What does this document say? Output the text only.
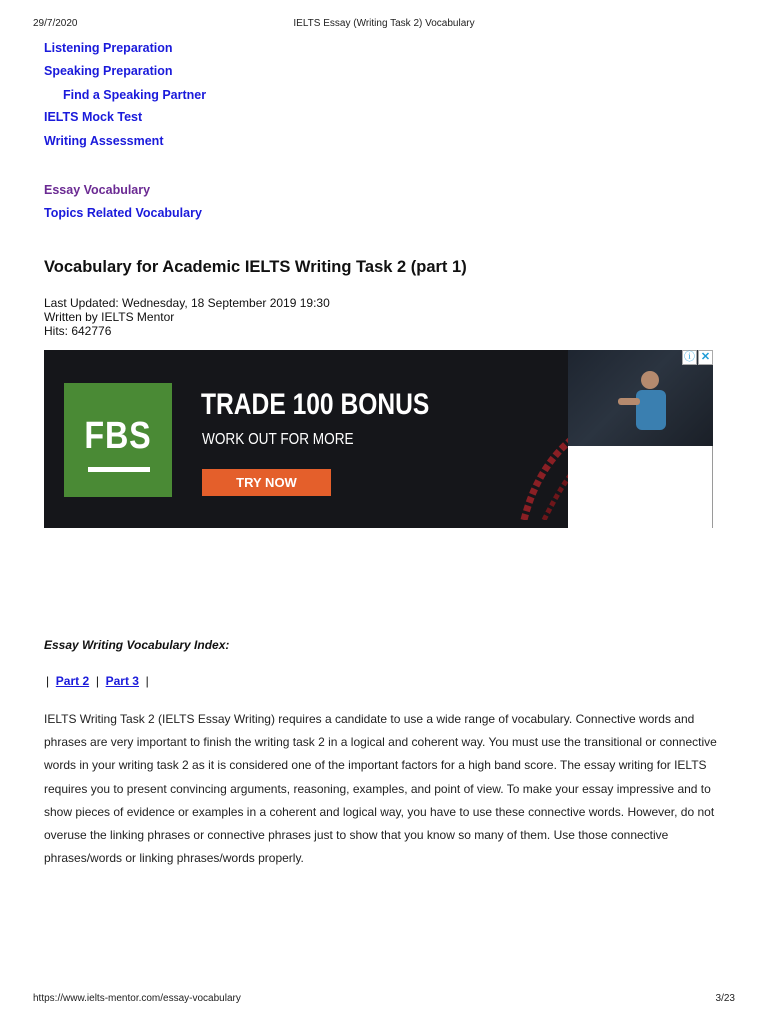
29/7/2020	IELTS Essay (Writing Task 2) Vocabulary
Listening Preparation
Speaking Preparation
Find a Speaking Partner
IELTS Mock Test
Writing Assessment
Essay Vocabulary
Topics Related Vocabulary
Vocabulary for Academic IELTS Writing Task 2 (part 1)
Last Updated: Wednesday, 18 September 2019 19:30
Written by IELTS Mentor
Hits: 642776
FBS
TRADE 100 BONUS
WORK OUT FOR MORE
TRY NOW
ⓘ ✕
Essay Writing Vocabulary Index:
| Part 2 | Part 3 |

IELTS Writing Task 2 (IELTS Essay Writing) requires a candidate to use a wide range of vocabulary. Connective words and phrases are very important to finish the writing task 2 in a logical and coherent way. You must use the transitional or connective words in your writing task 2 as it is considered one of the important factors for a high band score. The essay writing for IELTS requires you to present convincing arguments, reasoning, examples, and point of view. To make your essay impressive and to show pieces of evidence or examples in a coherent and logical way, you have to use these connective words. However, do not overuse the linking phrases or connective phrases just to show that you know so many of them. Use those connective phrases/words or linking phrases/words properly.

https://www.ielts-mentor.com/essay-vocabulary	3/23
